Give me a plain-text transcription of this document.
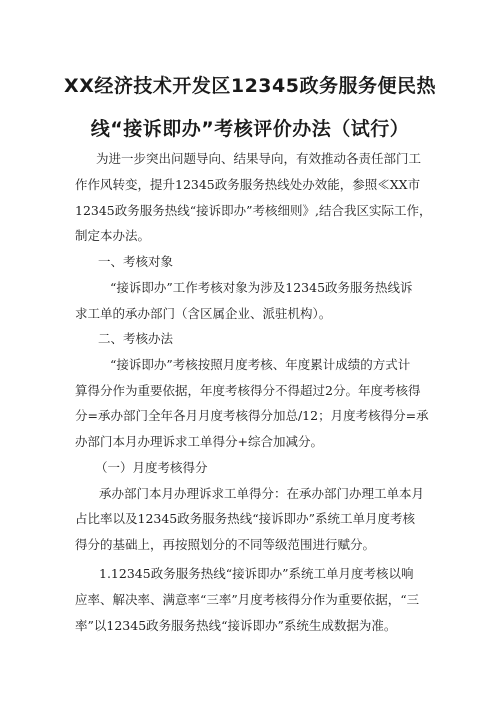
XX经济技术开发区12345政务服务便民热
线“接诉即办”考核评价办法（试行）
为进一步突出问题导向、结果导向，有效推动各责任部门工
作作风转变，提升12345政务服务热线处办效能，参照≪XX市
12345政务服务热线“接诉即办”考核细则》,结合我区实际工作，
制定本办法。
一、考核对象
“接诉即办”工作考核对象为涉及12345政务服务热线诉
求工单的承办部门（含区属企业、派驻机构）。
二、考核办法
“接诉即办”考核按照月度考核、年度累计成绩的方式计
算得分作为重要依据，年度考核得分不得超过2分。年度考核得
分=承办部门全年各月月度考核得分加总/12；月度考核得分=承
办部门本月办理诉求工单得分+综合加减分。
（一）月度考核得分
承办部门本月办理诉求工单得分：在承办部门办理工单本月
占比率以及12345政务服务热线“接诉即办”系统工单月度考核
得分的基础上，再按照划分的不同等级范围进行赋分。
1.12345政务服务热线“接诉即办”系统工单月度考核以响
应率、解决率、满意率“三率”月度考核得分作为重要依据，“三
率”以12345政务服务热线“接诉即办”系统生成数据为准。
